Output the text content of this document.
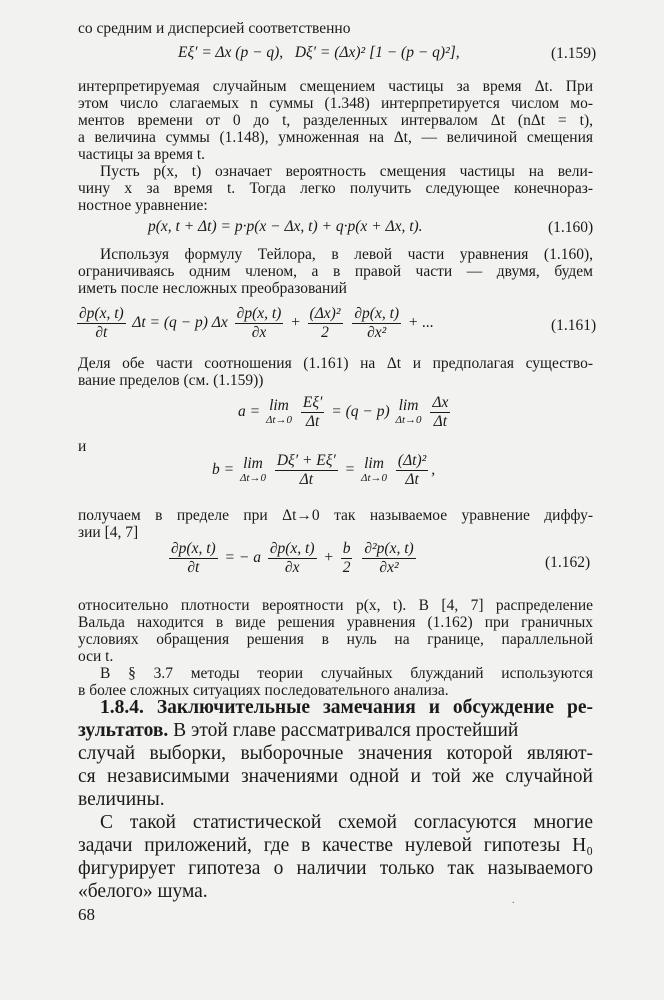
со средним и дисперсией соответственно
Eξ′ = Δx (p − q), Dξ′ = (Δx)² [1 − (p − q)²],	(1.159)
интерпретируемая случайным смещением частицы за время Δt. При
этом число слагаемых n суммы (1.348) интерпретируется числом мо-
ментов времени от 0 до t, разделенных интервалом Δt (nΔt = t),
а величина суммы (1.148), умноженная на Δt, — величиной смещения
частицы за время t.
Пусть p(x, t) означает вероятность смещения частицы на вели-
чину x за время t. Тогда легко получить следующее конечнораз-
ностное уравнение:
p(x, t + Δt) = p·p(x − Δx, t) + q·p(x + Δx, t).	(1.160)
Используя формулу Тейлора, в левой части уравнения (1.160),
ограничиваясь одним членом, а в правой части — двумя, будем
иметь после несложных преобразований
$\frac{\partial p(x, t)}{\partial t}$ Δt = (q − p) Δx $\frac{\partial p(x, t)}{\partial x} + \frac{\text{(Δx)²}}{2}$
$\frac{\partial p(x, t)}{\text{∂x²}}$ + ...	(1.161)
Деля обе части соотношения (1.161) на Δt и предполагая существо-
вание пределов (см. (1.159))
a = lim
Δt→0
$\frac{E\xi'}{\Delta t} = (q - p)$ lim
Δt→0
$\frac{\Delta x}{\Delta t}$
и
b = lim
Δt→0
$\frac{D\xi' + E\xi'}{\Delta t} = \lim$
Δt→0
$\frac{\text{(Δt)²}}{\Delta t}$ ,
получаем в пределе при Δt→0 так называемое уравнение диффу-
зии [4, 7]
$\frac{\partial p(x, t)}{\partial t}$ = − a $\frac{\partial p(x, t)}{\partial x} + \frac{b}{2}$
$\frac{\text{∂²p(x, t)}}{\text{∂x²}}$	(1.162)
относительно плотности вероятности p(x, t). В [4, 7] распределение
Вальда находится в виде решения уравнения (1.162) при граничных
условиях обращения решения в нуль на границе, параллельной
оси t.
В § 3.7 методы теории случайных блужданий используются
в более сложных ситуациях последовательного анализа.
1.8.4. Заключительные замечания и обсуждение ре-
зультатов. В этой главе рассматривался простейший
случай выборки, выборочные значения которой являют-
ся независимыми значениями одной и той же случайной
величины.
С такой статистической схемой согласуются многие
задачи приложений, где в качестве нулевой гипотезы H₀
фигурирует гипотеза о наличии только так называемого
«белого» шума.
68
.
